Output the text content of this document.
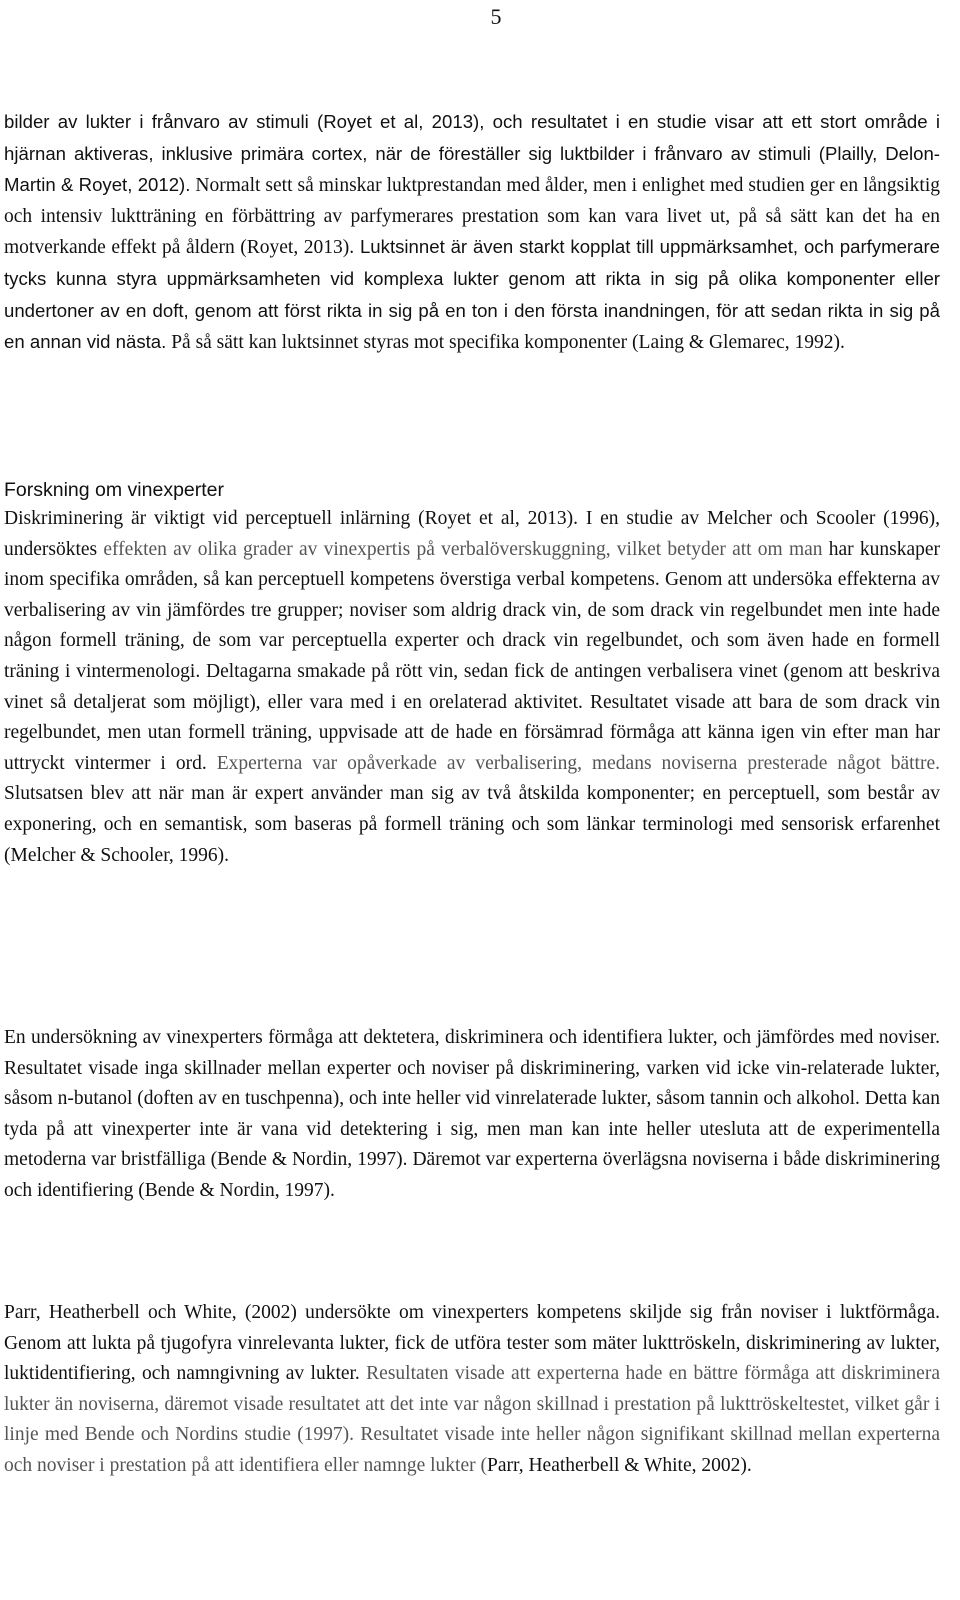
5

bilder av lukter i frånvaro av stimuli (Royet et al, 2013), och resultatet i en studie visar att ett stort område i hjärnan aktiveras, inklusive primära cortex, när de föreställer sig luktbilder i frånvaro av stimuli (Plailly, Delon-Martin & Royet, 2012). Normalt sett så minskar luktprestandan med ålder, men i enlighet med studien ger en långsiktig och intensiv luktträning en förbättring av parfymerares prestation som kan vara livet ut, på så sätt kan det ha en motverkande effekt på åldern (Royet, 2013). Luktsinnet är även starkt kopplat till uppmärksamhet, och parfymerare tycks kunna styra uppmärksamheten vid komplexa lukter genom att rikta in sig på olika komponenter eller undertoner av en doft, genom att först rikta in sig på en ton i den första inandningen, för att sedan rikta in sig på en annan vid nästa. På så sätt kan luktsinnet styras mot specifika komponenter (Laing & Glemarec, 1992).

Forskning om vinexperter

Diskriminering är viktigt vid perceptuell inlärning (Royet et al, 2013). I en studie av Melcher och Scooler (1996), undersöktes effekten av olika grader av vinexpertis på verbalöverskuggning, vilket betyder att om man har kunskaper inom specifika områden, så kan perceptuell kompetens överstiga verbal kompetens. Genom att undersöka effekterna av verbalisering av vin jämfördes tre grupper; noviser som aldrig drack vin, de som drack vin regelbundet men inte hade någon formell träning, de som var perceptuella experter och drack vin regelbundet, och som även hade en formell träning i vintermenologi. Deltagarna smakade på rött vin, sedan fick de antingen verbalisera vinet (genom att beskriva vinet så detaljerat som möjligt), eller vara med i en orelaterad aktivitet. Resultatet visade att bara de som drack vin regelbundet, men utan formell träning, uppvisade att de hade en försämrad förmåga att känna igen vin efter man har uttryckt vintermer i ord. Experterna var opåverkade av verbalisering, medans noviserna presterade något bättre. Slutsatsen blev att när man är expert använder man sig av två åtskilda komponenter; en perceptuell, som består av exponering, och en semantisk, som baseras på formell träning och som länkar terminologi med sensorisk erfarenhet (Melcher & Schooler, 1996).

En undersökning av vinexperters förmåga att dektetera, diskriminera och identifiera lukter, och jämfördes med noviser. Resultatet visade inga skillnader mellan experter och noviser på diskriminering, varken vid icke vin-relaterade lukter, såsom n-butanol (doften av en tuschpenna), och inte heller vid vinrelaterade lukter, såsom tannin och alkohol. Detta kan tyda på att vinexperter inte är vana vid detektering i sig, men man kan inte heller utesluta att de experimentella metoderna var bristfälliga (Bende & Nordin, 1997). Däremot var experterna överlägsna noviserna i både diskriminering och identifiering (Bende & Nordin, 1997).

Parr, Heatherbell och White, (2002) undersökte om vinexperters kompetens skiljde sig från noviser i luktförmåga. Genom att lukta på tjugofyra vinrelevanta lukter, fick de utföra tester som mäter lukttröskeln, diskriminering av lukter, luktidentifiering, och namngivning av lukter. Resultaten visade att experterna hade en bättre förmåga att diskriminera lukter än noviserna, däremot visade resultatet att det inte var någon skillnad i prestation på lukttröskeltestet, vilket går i linje med Bende och Nordins studie (1997). Resultatet visade inte heller någon signifikant skillnad mellan experterna och noviser i prestation på att identifiera eller namnge lukter (Parr, Heatherbell & White, 2002).
